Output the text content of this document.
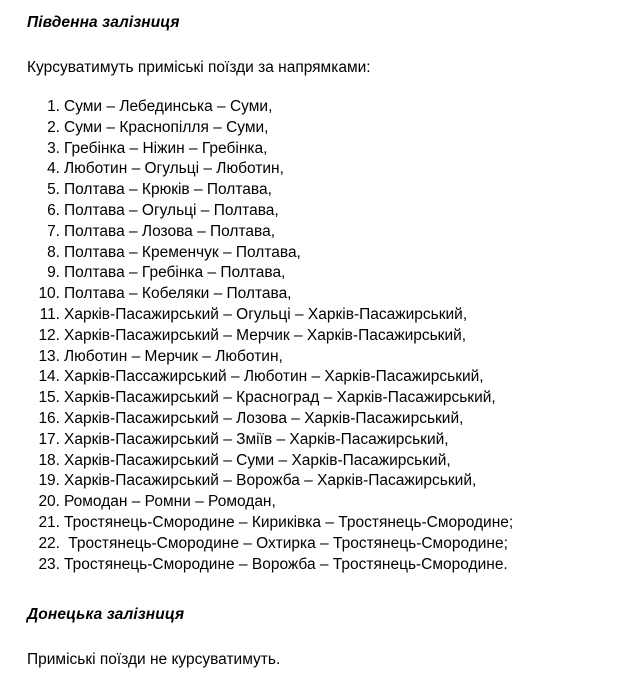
Південна залізниця
Курсуватимуть приміські поїзди за напрямками:
1. Суми – Лебединська – Суми,
2. Суми – Краснопілля – Суми,
3. Гребінка – Ніжин – Гребінка,
4. Люботин – Огульці – Люботин,
5. Полтава – Крюків – Полтава,
6. Полтава – Огульці – Полтава,
7. Полтава – Лозова – Полтава,
8. Полтава – Кременчук – Полтава,
9. Полтава – Гребінка – Полтава,
10. Полтава – Кобеляки – Полтава,
11. Харків-Пасажирський – Огульці – Харків-Пасажирський,
12. Харків-Пасажирський – Мерчик – Харків-Пасажирський,
13. Люботин – Мерчик – Люботин,
14. Харків-Пассажирський – Люботин – Харків-Пасажирський,
15. Харків-Пасажирський – Красноград – Харків-Пасажирський,
16. Харків-Пасажирський – Лозова – Харків-Пасажирський,
17. Харків-Пасажирський – Зміїв – Харків-Пасажирський,
18. Харків-Пасажирський – Суми – Харків-Пасажирський,
19. Харків-Пасажирський – Ворожба – Харків-Пасажирський,
20. Ромодан – Ромни – Ромодан,
21. Тростянець-Смородине – Кириківка – Тростянець-Смородине;
22. Тростянець-Смородине – Охтирка – Тростянець-Смородине;
23. Тростянець-Смородине – Ворожба – Тростянець-Смородине.
Донецька залізниця
Приміські поїзди не курсуватимуть.
